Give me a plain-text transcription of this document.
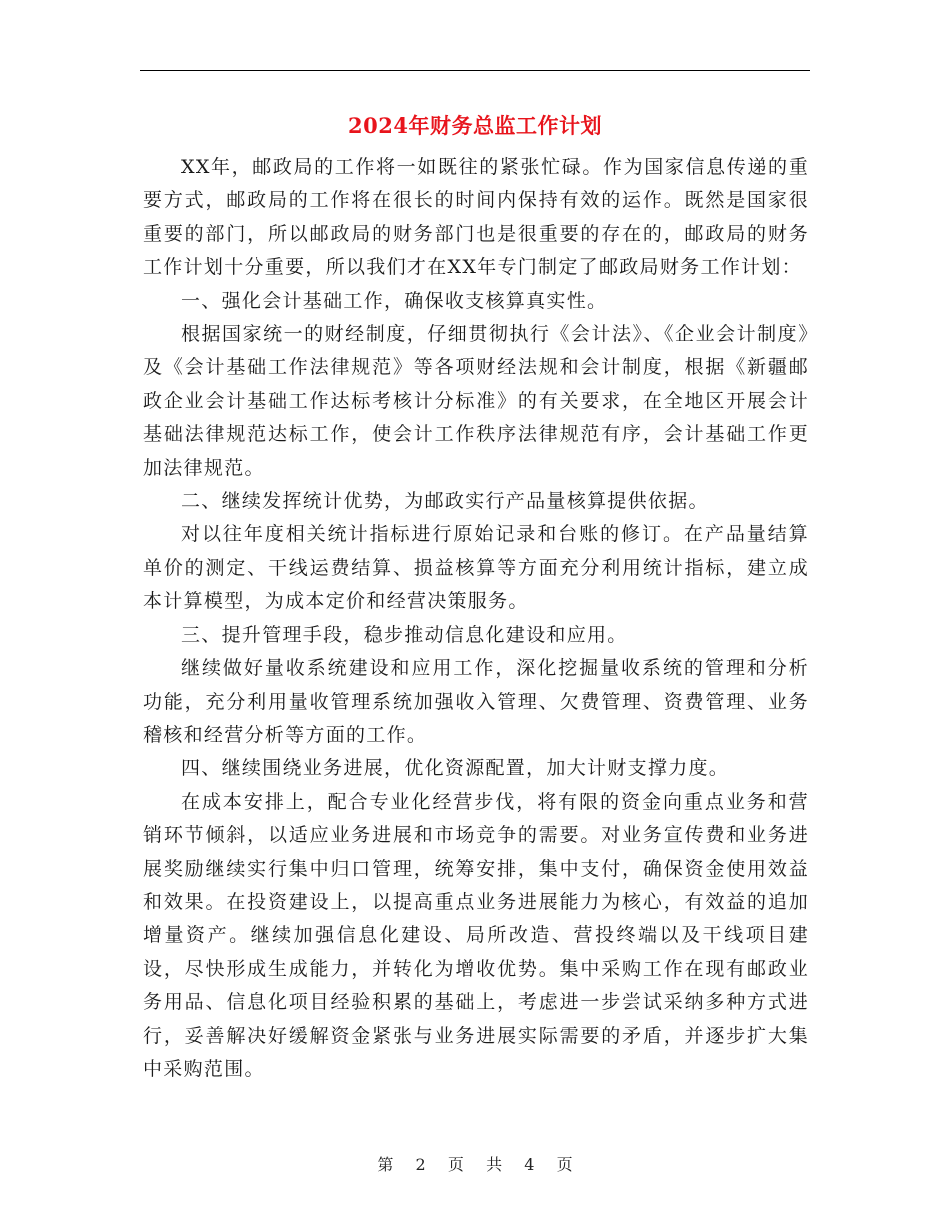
2024年财务总监工作计划

XX年，邮政局的工作将一如既往的紧张忙碌。作为国家信息传递的重要方式，邮政局的工作将在很长的时间内保持有效的运作。既然是国家很重要的部门，所以邮政局的财务部门也是很重要的存在的，邮政局的财务工作计划十分重要，所以我们才在XX年专门制定了邮政局财务工作计划：

一、强化会计基础工作，确保收支核算真实性。

根据国家统一的财经制度，仔细贯彻执行《会计法》、《企业会计制度》及《会计基础工作法律规范》等各项财经法规和会计制度，根据《新疆邮政企业会计基础工作达标考核计分标准》的有关要求，在全地区开展会计基础法律规范达标工作，使会计工作秩序法律规范有序，会计基础工作更加法律规范。

二、继续发挥统计优势，为邮政实行产品量核算提供依据。

对以往年度相关统计指标进行原始记录和台账的修订。在产品量结算单价的测定、干线运费结算、损益核算等方面充分利用统计指标，建立成本计算模型，为成本定价和经营决策服务。

三、提升管理手段，稳步推动信息化建设和应用。

继续做好量收系统建设和应用工作，深化挖掘量收系统的管理和分析功能，充分利用量收管理系统加强收入管理、欠费管理、资费管理、业务稽核和经营分析等方面的工作。

四、继续围绕业务进展，优化资源配置，加大计财支撑力度。

在成本安排上，配合专业化经营步伐，将有限的资金向重点业务和营销环节倾斜，以适应业务进展和市场竞争的需要。对业务宣传费和业务进展奖励继续实行集中归口管理，统筹安排，集中支付，确保资金使用效益和效果。在投资建设上，以提高重点业务进展能力为核心，有效益的追加增量资产。继续加强信息化建设、局所改造、营投终端以及干线项目建设，尽快形成生成能力，并转化为增收优势。集中采购工作在现有邮政业务用品、信息化项目经验积累的基础上，考虑进一步尝试采纳多种方式进行，妥善解决好缓解资金紧张与业务进展实际需要的矛盾，并逐步扩大集中采购范围。

第 2 页 共 4 页
